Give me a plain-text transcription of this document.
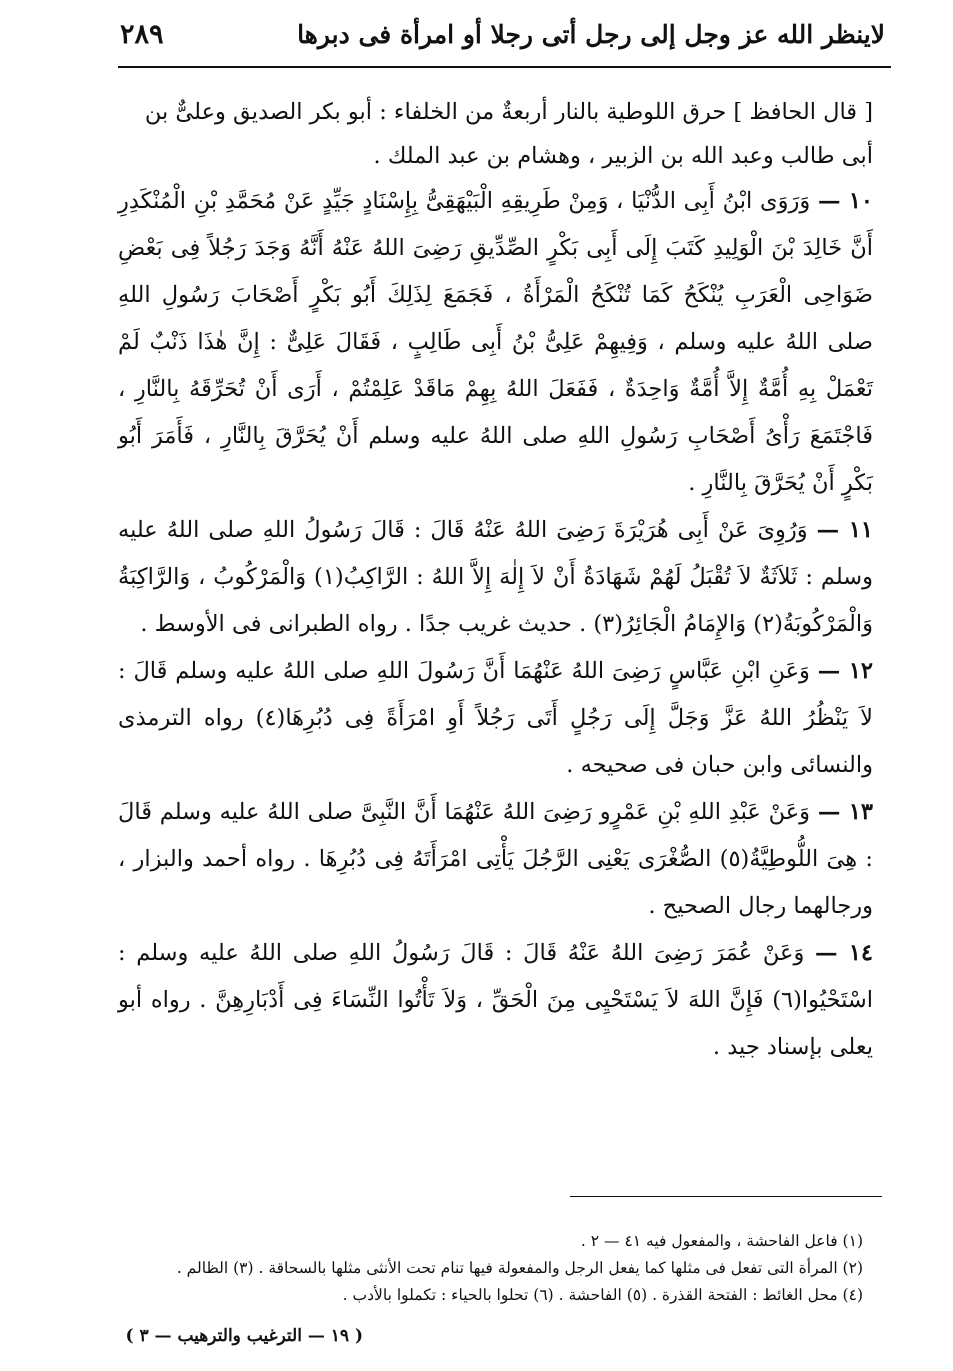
لاينظر الله عز وجل إلى رجل أتى رجلا أو امرأة فى دبرها
٢٨٩

[ قال الحافظ ] حرق اللوطية بالنار أربعةٌ من الخلفاء : أبو بكر الصديق وعلىٌّ بن

أبى طالب وعبد الله بن الزبير ، وهشام بن عبد الملك .

١٠ — وَرَوَى ابْنُ أَبِى الدُّنْيَا ، وَمِنْ طَرِيقِهِ الْبَيْهَقِىُّ بِإِسْنَادٍ جَيِّدٍ عَنْ مُحَمَّدِ بْنِ الْمُنْكَدِرِ أَنَّ خَالِدَ بْنَ الْوَلِيدِ كَتَبَ إِلَى أَبِى بَكْرٍ الصِّدِّيقِ رَضِىَ اللهُ عَنْهُ أَنَّهُ وَجَدَ رَجُلاً فِى بَعْضِ ضَوَاحِى الْعَرَبِ يُنْكَحُ كَمَا تُنْكَحُ الْمَرْأَةُ ، فَجَمَعَ لِذَلِكَ أَبُو بَكْرٍ أَصْحَابَ رَسُولِ اللهِ صلى اللهُ عليه وسلم ، وَفِيهِمْ عَلِىُّ بْنُ أَبِى طَالِبٍ ، فَقَالَ عَلِىٌّ : إِنَّ هٰذَا ذَنْبٌ لَمْ تَعْمَلْ بِهِ أُمَّةٌ إِلاَّ أُمَّةٌ وَاحِدَةٌ ، فَفَعَلَ اللهُ بِهِمْ مَاقَدْ عَلِمْتُمْ ، أَرَى أَنْ تُحَرِّقَهُ بِالنَّارِ ، فَاجْتَمَعَ رَأْىُ أَصْحَابِ رَسُولِ اللهِ صلى اللهُ عليه وسلم أَنْ يُحَرَّقَ بِالنَّارِ ، فَأَمَرَ أَبُو بَكْرٍ أَنْ يُحَرَّقَ بِالنَّارِ .

١١ — وَرُوِىَ عَنْ أَبِى هُرَيْرَةَ رَضِىَ اللهُ عَنْهُ قَالَ : قَالَ رَسُولُ اللهِ صلى اللهُ عليه وسلم : ثَلاَثَةٌ لاَ تُقْبَلُ لَهُمْ شَهَادَةُ أَنْ لاَ إِلٰهَ إِلاَّ اللهُ : الرَّاكِبُ(١) وَالْمَرْكُوبُ ، وَالرَّاكِبَةُ وَالْمَرْكُوبَةُ(٢) وَالإِمَامُ الْجَائِرُ(٣) . حديث غريب جدًا . رواه الطبرانى فى الأوسط .

١٢ — وَعَنِ ابْنِ عَبَّاسٍ رَضِىَ اللهُ عَنْهُمَا أَنَّ رَسُولَ اللهِ صلى اللهُ عليه وسلم قَالَ : لاَ يَنْظُرُ اللهُ عَزَّ وَجَلَّ إِلَى رَجُلٍ أَتَى رَجُلاً أَوِ امْرَأَةً فِى دُبُرِهَا(٤) رواه الترمذى والنسائى وابن حبان فى صحيحه .

١٣ — وَعَنْ عَبْدِ اللهِ بْنِ عَمْرٍو رَضِىَ اللهُ عَنْهُمَا أَنَّ النَّبِىَّ صلى اللهُ عليه وسلم قَالَ : هِىَ اللُّوطِيَّةُ(٥) الصُّغْرَى يَعْنِى الرَّجُلَ يَأْتِى امْرَأَتَهُ فِى دُبُرِهَا . رواه أحمد والبزار ، ورجالهما رجال الصحيح .

١٤ — وَعَنْ عُمَرَ رَضِىَ اللهُ عَنْهُ قَالَ : قَالَ رَسُولُ اللهِ صلى اللهُ عليه وسلم : اسْتَحْيُوا(٦) فَإِنَّ اللهَ لاَ يَسْتَحْيِى مِنَ الْحَقِّ ، وَلاَ تَأْتُوا النِّسَاءَ فِى أَدْبَارِهِنَّ . رواه أبو يعلى بإسناد جيد .

(١) فاعل الفاحشة ، والمفعول فيه ٤١ — ٢ .

(٢) المرأة التى تفعل فى مثلها كما يفعل الرجل والمفعولة فيها تنام تحت الأنثى مثلها بالسحاقة . (٣) الظالم .

(٤) محل الغائط : الفتحة القذرة . (٥) الفاحشة . (٦) تحلوا بالحياء : تكملوا بالأدب .

( ١٩ — الترغيب والترهيب — ٣ )
